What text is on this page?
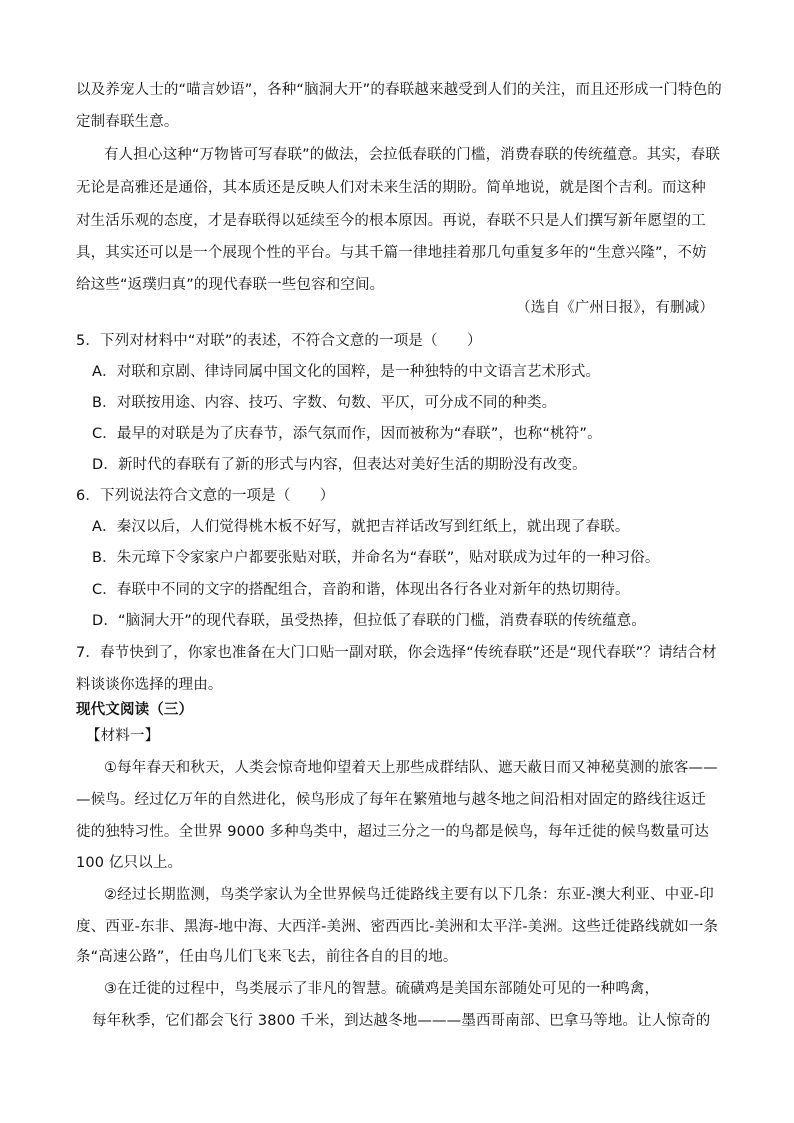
以及养宠人士的“喵言妙语”，各种“脑洞大开”的春联越来越受到人们的关注，而且还形成一门特色的
定制春联生意。
有人担心这种“万物皆可写春联”的做法，会拉低春联的门槛，消费春联的传统蕴意。其实，春联
无论是高雅还是通俗，其本质还是反映人们对未来生活的期盼。简单地说，就是图个吉利。而这种
对生活乐观的态度，才是春联得以延续至今的根本原因。再说，春联不只是人们撰写新年愿望的工
具，其实还可以是一个展现个性的平台。与其千篇一律地挂着那几句重复多年的“生意兴隆”，不妨
给这些“返璞归真”的现代春联一些包容和空间。
（选自《广州日报》，有删减）
5．下列对材料中“对联”的表述，不符合文意的一项是（　　）
A．对联和京剧、律诗同属中国文化的国粹，是一种独特的中文语言艺术形式。
B．对联按用途、内容、技巧、字数、句数、平仄，可分成不同的种类。
C．最早的对联是为了庆春节，添气氛而作，因而被称为“春联”，也称“桃符”。
D．新时代的春联有了新的形式与内容，但表达对美好生活的期盼没有改变。
6．下列说法符合文意的一项是（　　）
A．秦汉以后，人们觉得桃木板不好写，就把吉祥话改写到红纸上，就出现了春联。
B．朱元璋下令家家户户都要张贴对联，并命名为“春联”，贴对联成为过年的一种习俗。
C．春联中不同的文字的搭配组合，音韵和谐，体现出各行各业对新年的热切期待。
D．“脑洞大开”的现代春联，虽受热捧，但拉低了春联的门槛，消费春联的传统蕴意。
7．春节快到了，你家也准备在大门口贴一副对联，你会选择“传统春联”还是“现代春联”？请结合材
料谈谈你选择的理由。
现代文阅读（三）
【材料一】
①每年春天和秋天，人类会惊奇地仰望着天上那些成群结队、遮天蔽日而又神秘莫测的旅客——
—候鸟。经过亿万年的自然进化，候鸟形成了每年在繁殖地与越冬地之间沿相对固定的路线往返迁
徙的独特习性。全世界 9000 多种鸟类中，超过三分之一的鸟都是候鸟，每年迁徙的候鸟数量可达
100 亿只以上。
②经过长期监测，鸟类学家认为全世界候鸟迁徙路线主要有以下几条：东亚-澳大利亚、中亚-印
度、西亚-东非、黑海-地中海、大西洋-美洲、密西西比-美洲和太平洋-美洲。这些迁徙路线就如一条
条“高速公路”，任由鸟儿们飞来飞去，前往各自的目的地。
③在迁徙的过程中，鸟类展示了非凡的智慧。硫磺鸡是美国东部随处可见的一种鸣禽，
每年秋季，它们都会飞行 3800 千米，到达越冬地———墨西哥南部、巴拿马等地。让人惊奇的
